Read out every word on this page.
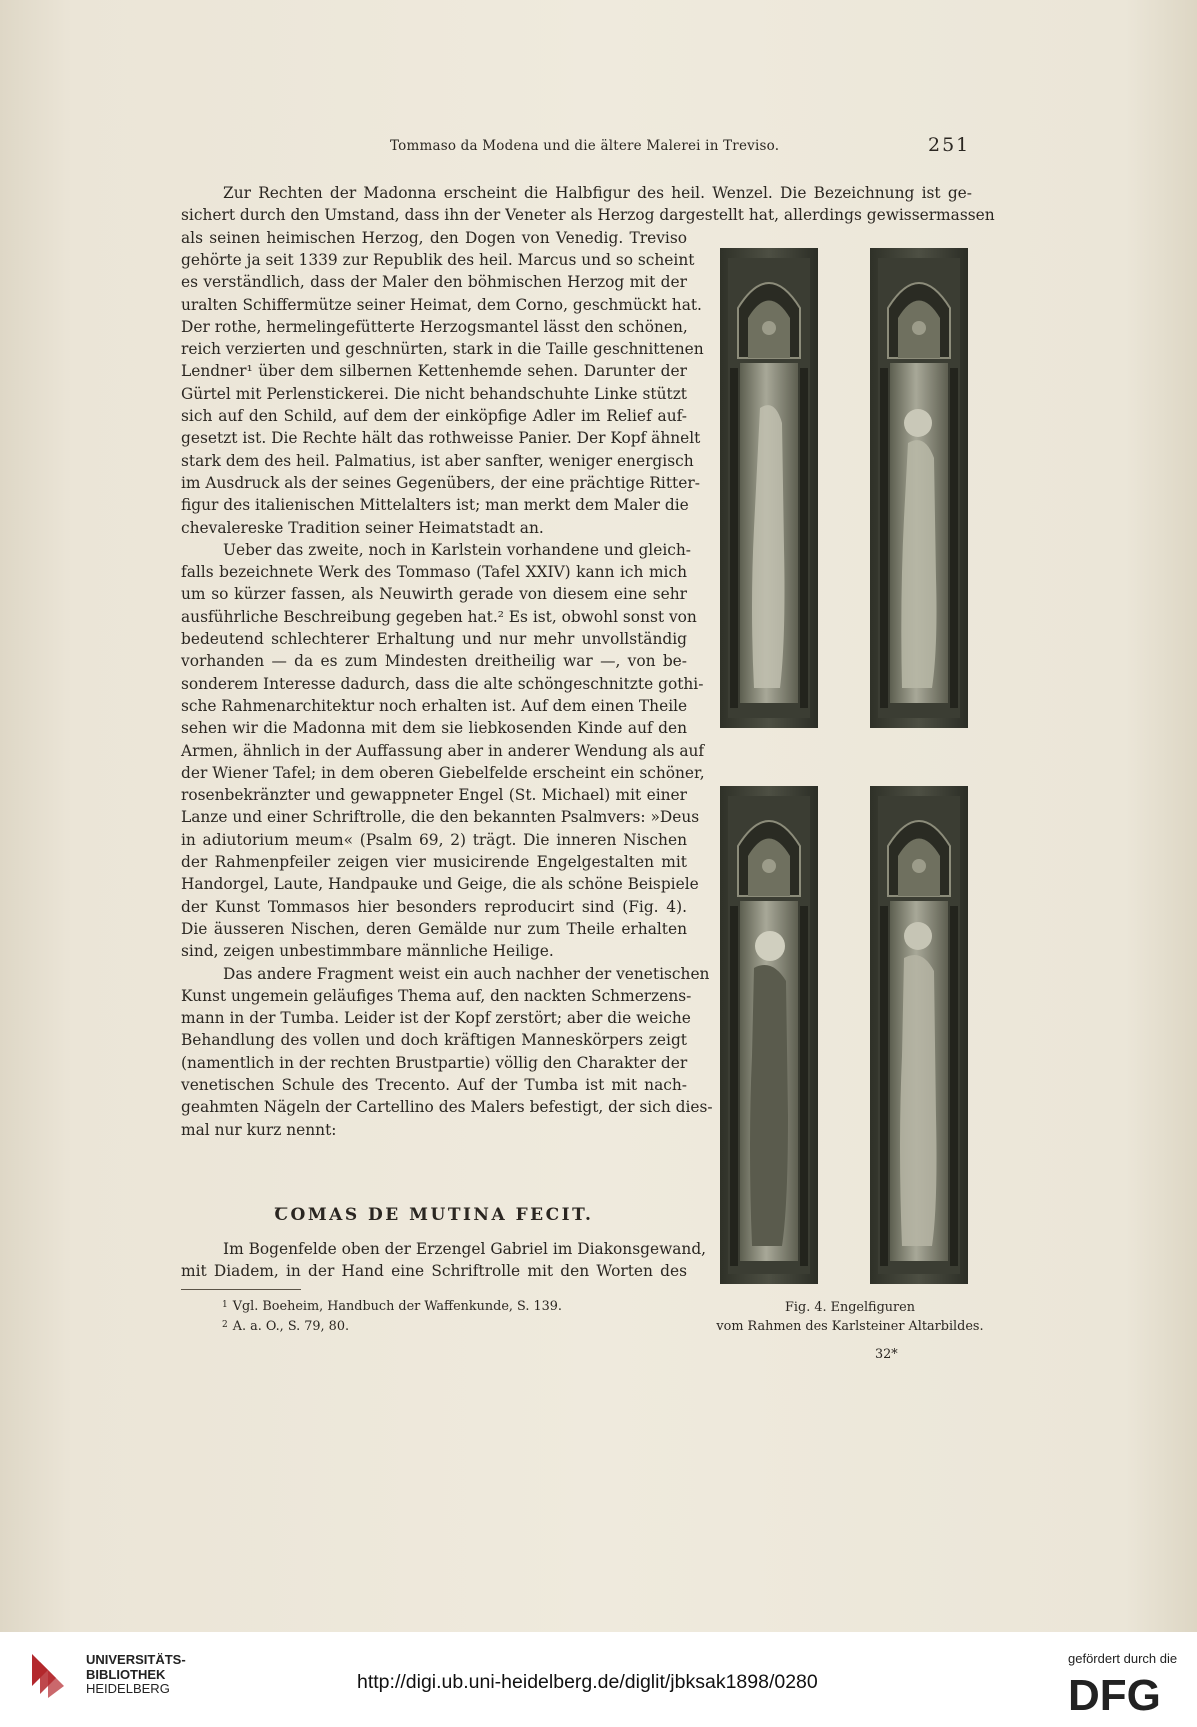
Tommaso da Modena und die ältere Malerei in Treviso.	251
Zur Rechten der Madonna erscheint die Halbfigur des heil. Wenzel. Die Bezeichnung ist ge-
sichert durch den Umstand, dass ihn der Veneter als Herzog dargestellt hat, allerdings gewissermassen
als seinen heimischen Herzog, den Dogen von Venedig. Treviso
gehörte ja seit 1339 zur Republik des heil. Marcus und so scheint
es verständlich, dass der Maler den böhmischen Herzog mit der
uralten Schiffermütze seiner Heimat, dem Corno, geschmückt hat.
Der rothe, hermelingefütterte Herzogsmantel lässt den schönen,
reich verzierten und geschnürten, stark in die Taille geschnittenen
Lendner¹ über dem silbernen Kettenhemde sehen. Darunter der
Gürtel mit Perlenstickerei. Die nicht behandschuhte Linke stützt
sich auf den Schild, auf dem der einköpfige Adler im Relief auf-
gesetzt ist. Die Rechte hält das rothweisse Panier. Der Kopf ähnelt
stark dem des heil. Palmatius, ist aber sanfter, weniger energisch
im Ausdruck als der seines Gegenübers, der eine prächtige Ritter-
figur des italienischen Mittelalters ist; man merkt dem Maler die
chevalereske Tradition seiner Heimatstadt an.
Ueber das zweite, noch in Karlstein vorhandene und gleich-
falls bezeichnete Werk des Tommaso (Tafel XXIV) kann ich mich
um so kürzer fassen, als Neuwirth gerade von diesem eine sehr
ausführliche Beschreibung gegeben hat.² Es ist, obwohl sonst von
bedeutend schlechterer Erhaltung und nur mehr unvollständig
vorhanden — da es zum Mindesten dreitheilig war —, von be-
sonderem Interesse dadurch, dass die alte schöngeschnitzte gothi-
sche Rahmenarchitektur noch erhalten ist. Auf dem einen Theile
sehen wir die Madonna mit dem sie liebkosenden Kinde auf den
Armen, ähnlich in der Auffassung aber in anderer Wendung als auf
der Wiener Tafel; in dem oberen Giebelfelde erscheint ein schöner,
rosenbekränzter und gewappneter Engel (St. Michael) mit einer
Lanze und einer Schriftrolle, die den bekannten Psalmvers: »Deus
in adiutorium meum« (Psalm 69, 2) trägt. Die inneren Nischen
der Rahmenpfeiler zeigen vier musicirende Engelgestalten mit
Handorgel, Laute, Handpauke und Geige, die als schöne Beispiele
der Kunst Tommasos hier besonders reproducirt sind (Fig. 4).
Die äusseren Nischen, deren Gemälde nur zum Theile erhalten
sind, zeigen unbestimmbare männliche Heilige.
Das andere Fragment weist ein auch nachher der venetischen
Kunst ungemein geläufiges Thema auf, den nackten Schmerzens-
mann in der Tumba. Leider ist der Kopf zerstört; aber die weiche
Behandlung des vollen und doch kräftigen Manneskörpers zeigt
(namentlich in der rechten Brustpartie) völlig den Charakter der
venetischen Schule des Trecento. Auf der Tumba ist mit nach-
geahmten Nägeln der Cartellino des Malers befestigt, der sich dies-
mal nur kurz nennt:
ꞆOMAS DE MUTINA FECIT.
Im Bogenfelde oben der Erzengel Gabriel im Diakonsgewand,
mit Diadem, in der Hand eine Schriftrolle mit den Worten des
$^1$ Vgl. Boeheim, Handbuch der Waffenkunde, S. 139.
$^2$ A. a. O., S. 79, 80.
Fig. 4. Engelfiguren
vom Rahmen des Karlsteiner Altarbildes.
32*
UNIVERSITÄTS-
BIBLIOTHEK
HEIDELBERG	http://digi.ub.uni-heidelberg.de/diglit/jbksak1898/0280
gefördert durch die
DFG
